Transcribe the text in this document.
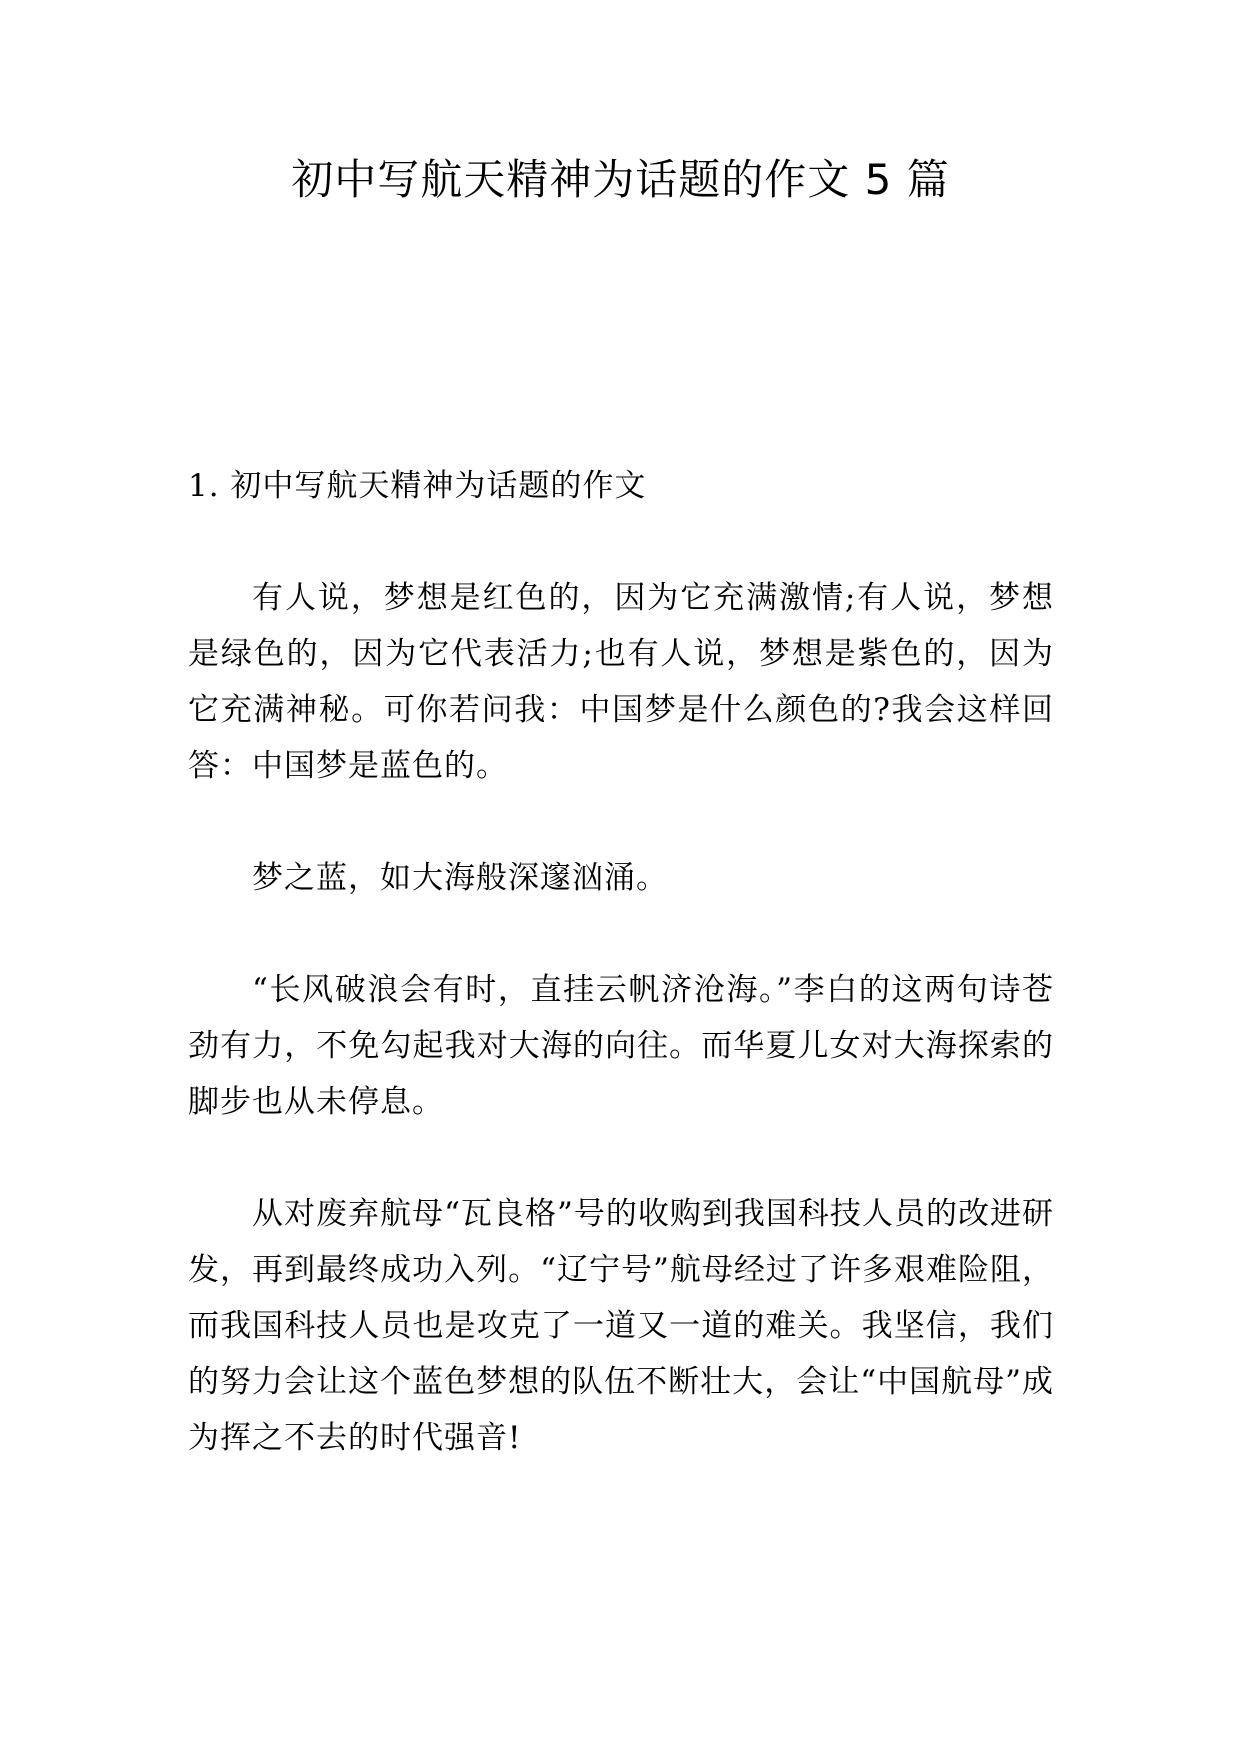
初中写航天精神为话题的作文 5 篇
1. 初中写航天精神为话题的作文

有人说，梦想是红色的，因为它充满激情;有人说，梦想是绿色的，因为它代表活力;也有人说，梦想是紫色的，因为它充满神秘。可你若问我：中国梦是什么颜色的?我会这样回答：中国梦是蓝色的。

梦之蓝，如大海般深邃汹涌。

“长风破浪会有时，直挂云帆济沧海。”李白的这两句诗苍劲有力，不免勾起我对大海的向往。而华夏儿女对大海探索的脚步也从未停息。

从对废弃航母“瓦良格”号的收购到我国科技人员的改进研发，再到最终成功入列。“辽宁号”航母经过了许多艰难险阻，而我国科技人员也是攻克了一道又一道的难关。我坚信，我们的努力会让这个蓝色梦想的队伍不断壮大，会让“中国航母”成为挥之不去的时代强音!
